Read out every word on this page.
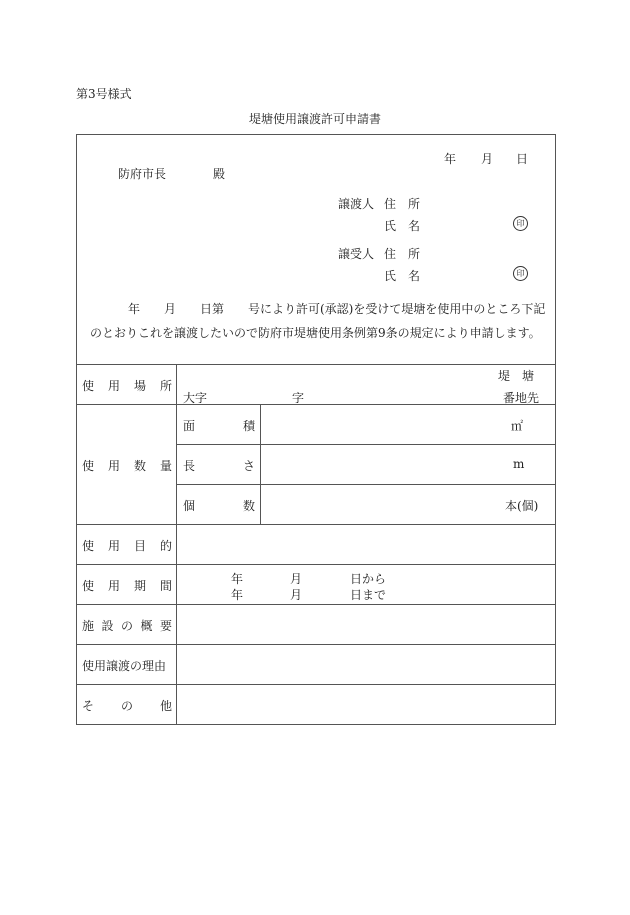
第3号様式
堤塘使用譲渡許可申請書
年 月 日
防府市長	殿
譲渡人 住 所
氏 名	印
譲受人 住 所
氏 名	印
年　　月　　日第　　号により許可(承認)を受けて堤塘を使用中のところ下記
のとおりこれを譲渡したいので防府市堤塘使用条例第9条の規定により申請します。
使 用 場 所
堤　塘
大字	字	番地先
使 用 数 量
面	積	㎡
長	さ	m
個	数	本(個)
使 用 目 的
使 用 期 間	年	月	日から
年	月	日まで
施 設 の 概 要
使用譲渡の理由
そ の 他
